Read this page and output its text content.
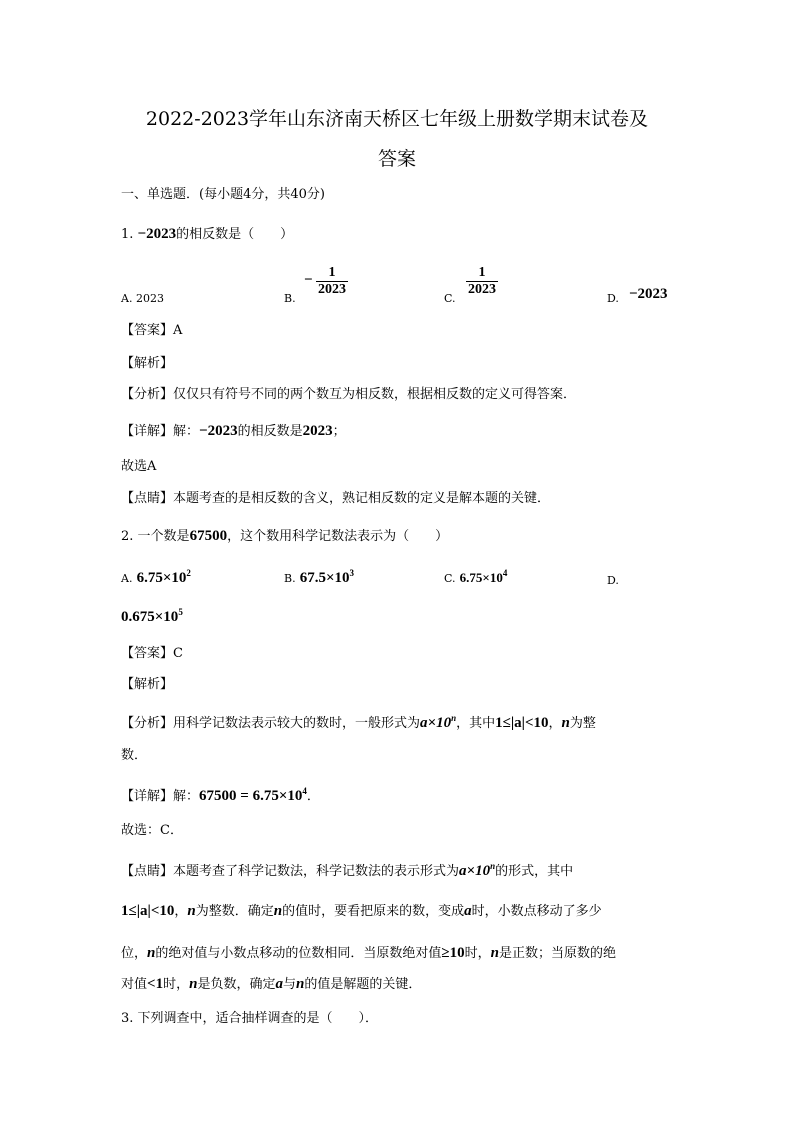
2022-2023学年山东济南天桥区七年级上册数学期末试卷及
答案
一、单选题．(每小题4分，共40分)
1. −2023的相反数是（　　）
A. 2023	B.
− $\frac{1}{2023}$
C.
$\frac{1}{2023}$
D. −2023
【答案】A
【解析】
【分析】仅仅只有符号不同的两个数互为相反数，根据相反数的定义可得答案．
【详解】解：−2023的相反数是2023；
故选A
【点睛】本题考查的是相反数的含义，熟记相反数的定义是解本题的关键．
2. 一个数是67500，这个数用科学记数法表示为（　　）
A. $6.75\times 10^2$	B. $67.5\times 10^3$	C. $6.75\times 10^4$
D.
$0.675\times 10^5$
【答案】C
【解析】
【分析】用科学记数法表示较大的数时，一般形式为$a\times 10^n$，其中1≤|a|<10，n为整
数．
【详解】解：$67500 = 6.75\times 10^4$．
故选：C．
【点睛】本题考查了科学记数法，科学记数法的表示形式为$a\times 10^n$的形式，其中
1≤|a|<10，n为整数．确定n的值时，要看把原来的数，变成a时，小数点移动了多少
位，n的绝对值与小数点移动的位数相同．当原数绝对值≥10时，n是正数；当原数的绝
对值<1时，n是负数，确定a与n的值是解题的关键．
3. 下列调查中，适合抽样调查的是（　　）．
